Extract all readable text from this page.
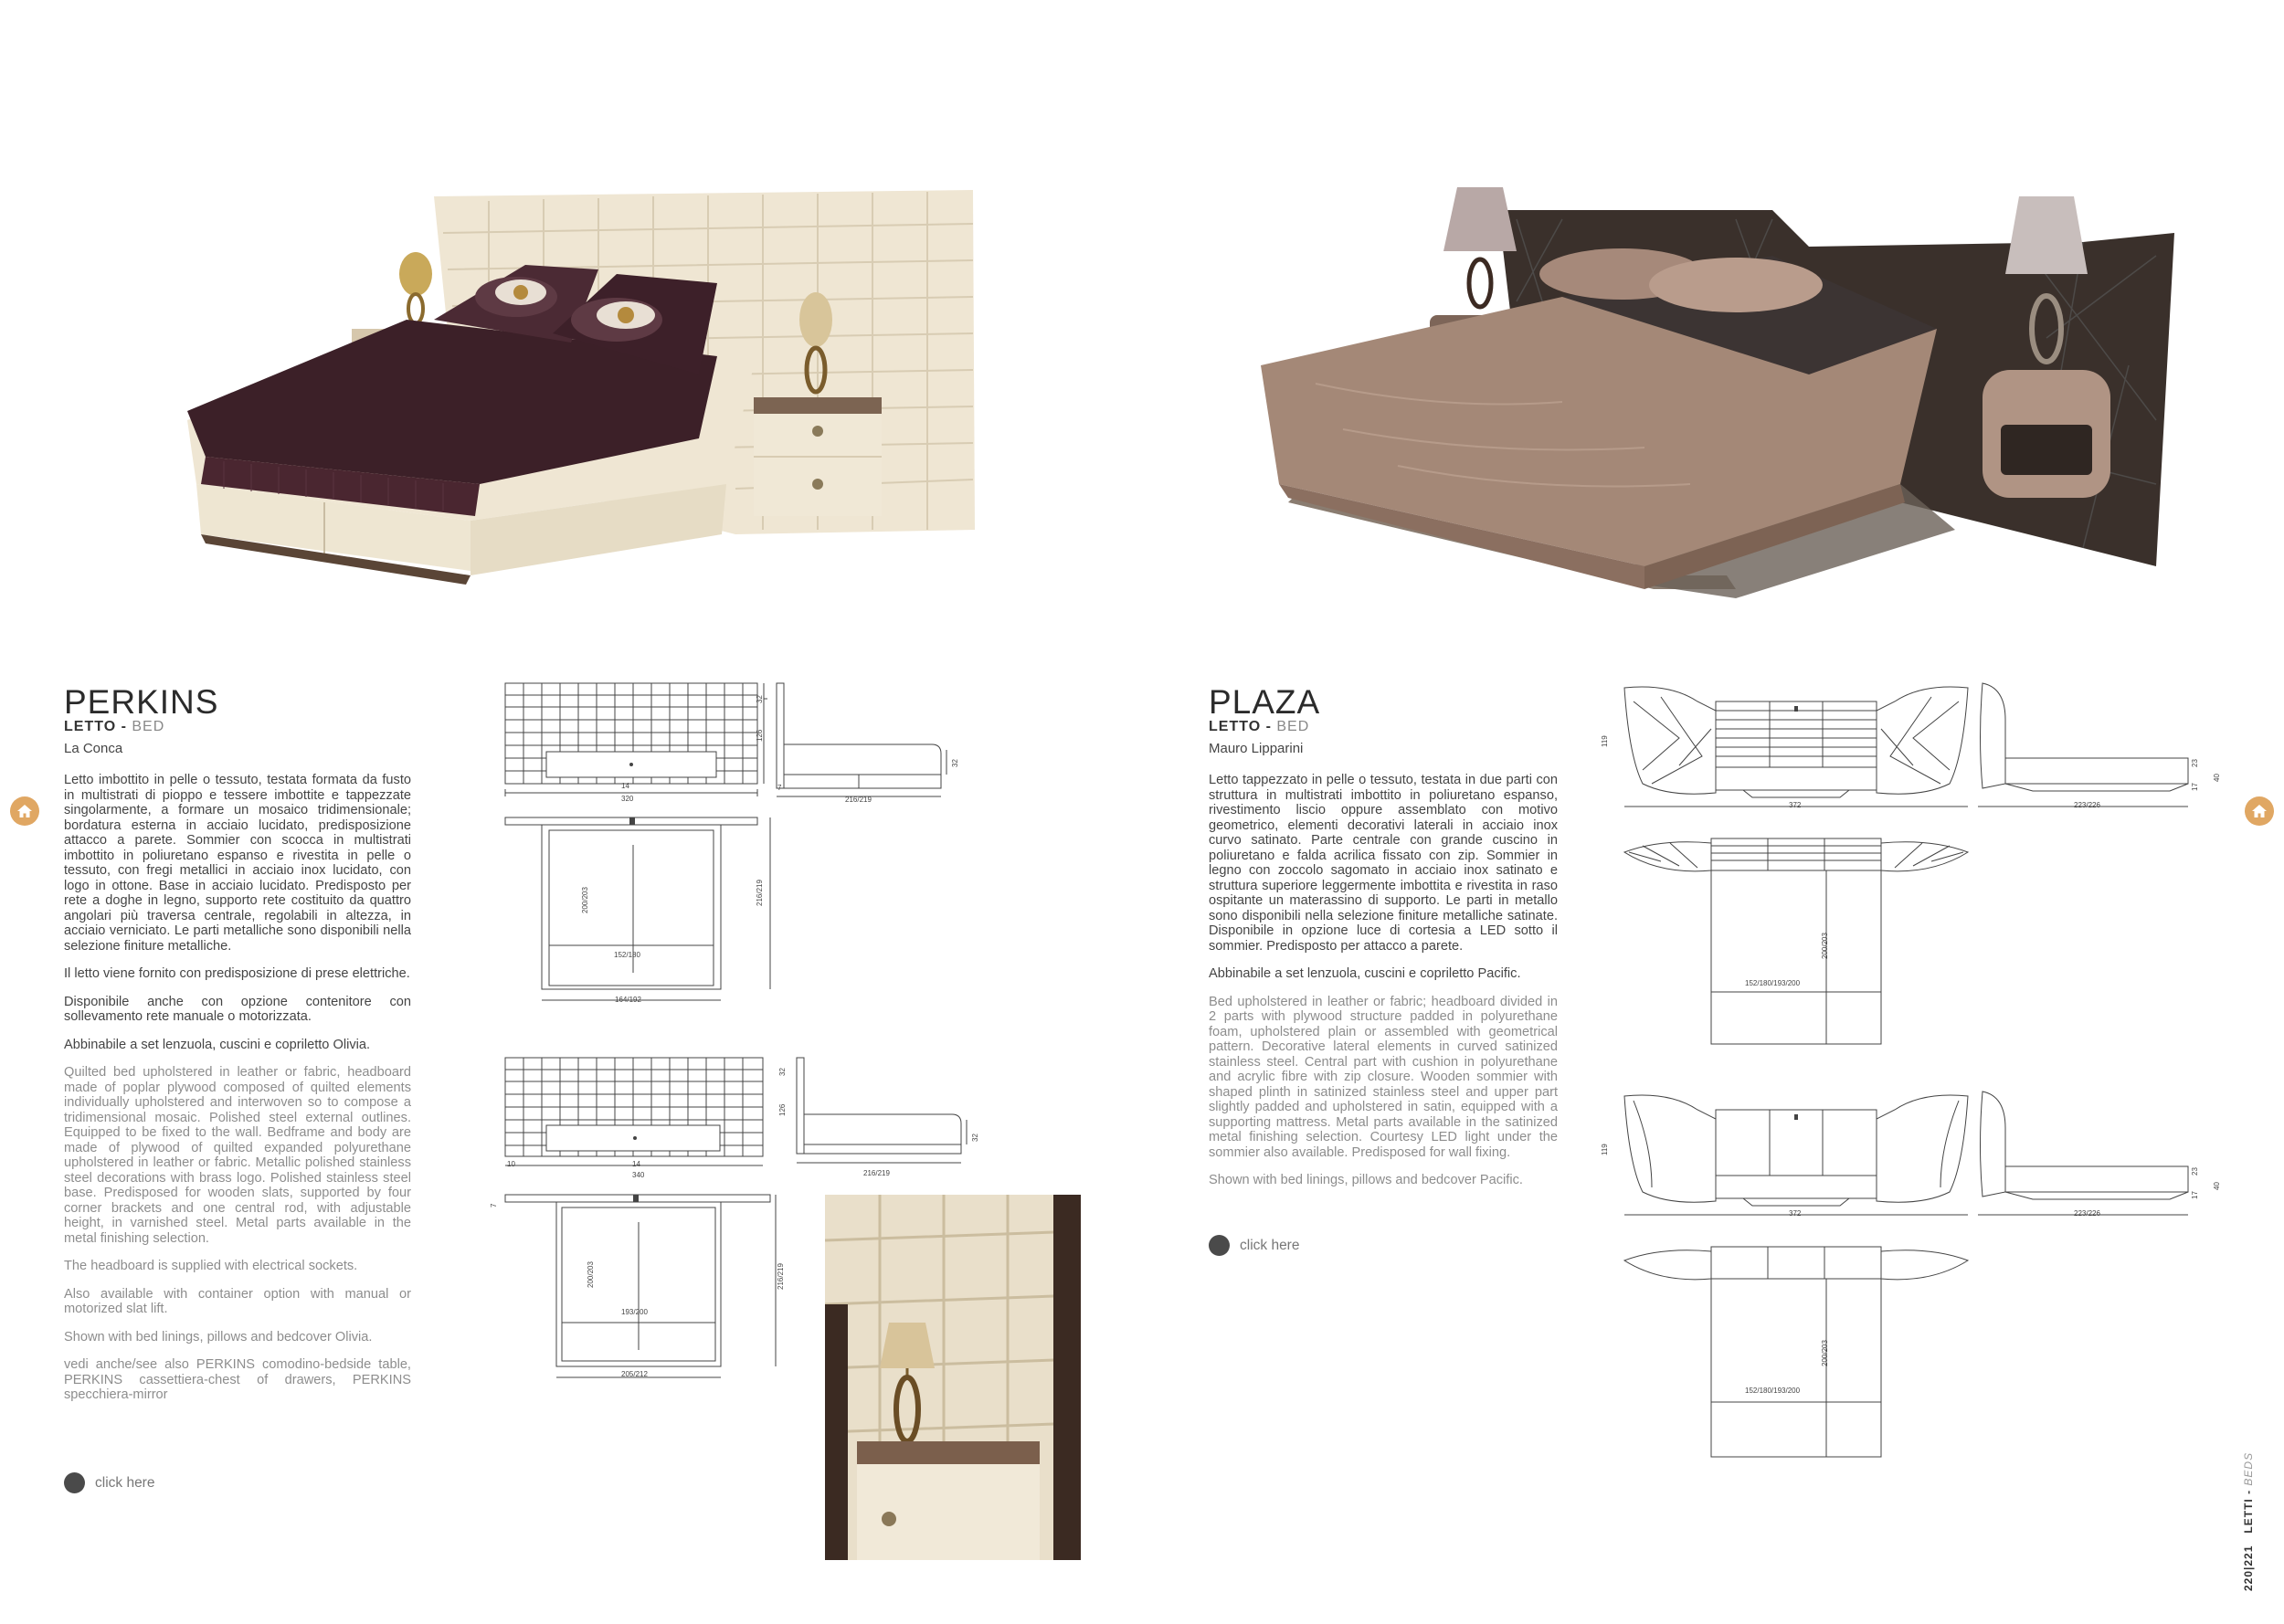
PERKINS
LETTO - BED
La Conca

Letto imbottito in pelle o tessuto, testata formata da fusto in multistrati di pioppo e tessere imbottite e tappezzate singolarmente, a formare un mosaico tridimensionale; bordatura esterna in acciaio lucidato, predisposizione attacco a parete. Sommier con scocca in multistrati imbottito in poliuretano espanso e rivestita in pelle o tessuto, con fregi metallici in acciaio inox lucidato, con logo in ottone. Base in acciaio lucidato. Predisposto per rete a doghe in legno, supporto rete costituito da quattro angolari più traversa centrale, regolabili in altezza, in acciaio verniciato. Le parti metalliche sono disponibili nella selezione finiture metalliche.

Il letto viene fornito con predisposizione di prese elettriche.

Disponibile anche con opzione contenitore con sollevamento rete manuale o motorizzata.

Abbinabile a set lenzuola, cuscini e copriletto Olivia.

Quilted bed upholstered in leather or fabric, headboard made of poplar plywood composed of quilted elements individually upholstered and interwoven so to compose a tridimensional mosaic. Polished steel external outlines. Equipped to be fixed to the wall. Bedframe and body are made of plywood of quilted expanded polyurethane upholstered in leather or fabric. Metallic polished stainless steel decorations with brass logo. Polished stainless steel base. Predisposed for wooden slats, supported by four corner brackets and one central rod, with adjustable height, in varnished steel. Metal parts available in the metal finishing selection.

The headboard is supplied with electrical sockets.

Also available with container option with manual or motorized slat lift.

Shown with bed linings, pillows and bedcover Olivia.

vedi anche/see also PERKINS comodino-bedside table, PERKINS cassettiera-chest of drawers, PERKINS specchiera-mirror

click here
14
320
32
126
7
216/219
32
200/203
152/180
164/192
216/219
10	14
340
32
126
216/219
32
7
200/203
193/200
205/212
216/219
PLAZA
LETTO - BED
Mauro Lipparini

Letto tappezzato in pelle o tessuto, testata in due parti con struttura in multistrati imbottito in poliuretano espanso, rivestimento liscio oppure assemblato con motivo geometrico, elementi decorativi laterali in acciaio inox curvo satinato. Parte centrale con grande cuscino in poliuretano e falda acrilica fissato con zip. Sommier in legno con zoccolo sagomato in acciaio inox satinato e struttura superiore leggermente imbottita e rivestita in raso ospitante un materassino di supporto. Le parti in metallo sono disponibili nella selezione finiture metalliche satinate. Disponibile in opzione luce di cortesia a LED sotto il sommier. Predisposto per attacco a parete.

Abbinabile a set lenzuola, cuscini e copriletto Pacific.

Bed upholstered in leather or fabric; headboard divided in 2 parts with plywood structure padded in polyurethane foam, upholstered plain or assembled with geometrical pattern. Decorative lateral elements in curved satinized stainless steel. Central part with cushion in polyurethane and acrylic fibre with zip closure. Wooden sommier with shaped plinth in satinized stainless steel and upper part slightly padded and upholstered in satin, equipped with a supporting mattress. Metal parts available in the satinized metal finishing selection. Courtesy LED light under the sommier also available. Predisposed for wall fixing.

Shown with bed linings, pillows and bedcover Pacific.

click here
119
372	223/226
17
23
40
200/203
152/180/193/200
119
372	223/226
17
23
40
200/203
152/180/193/200
220|221   LETTI - BEDS
